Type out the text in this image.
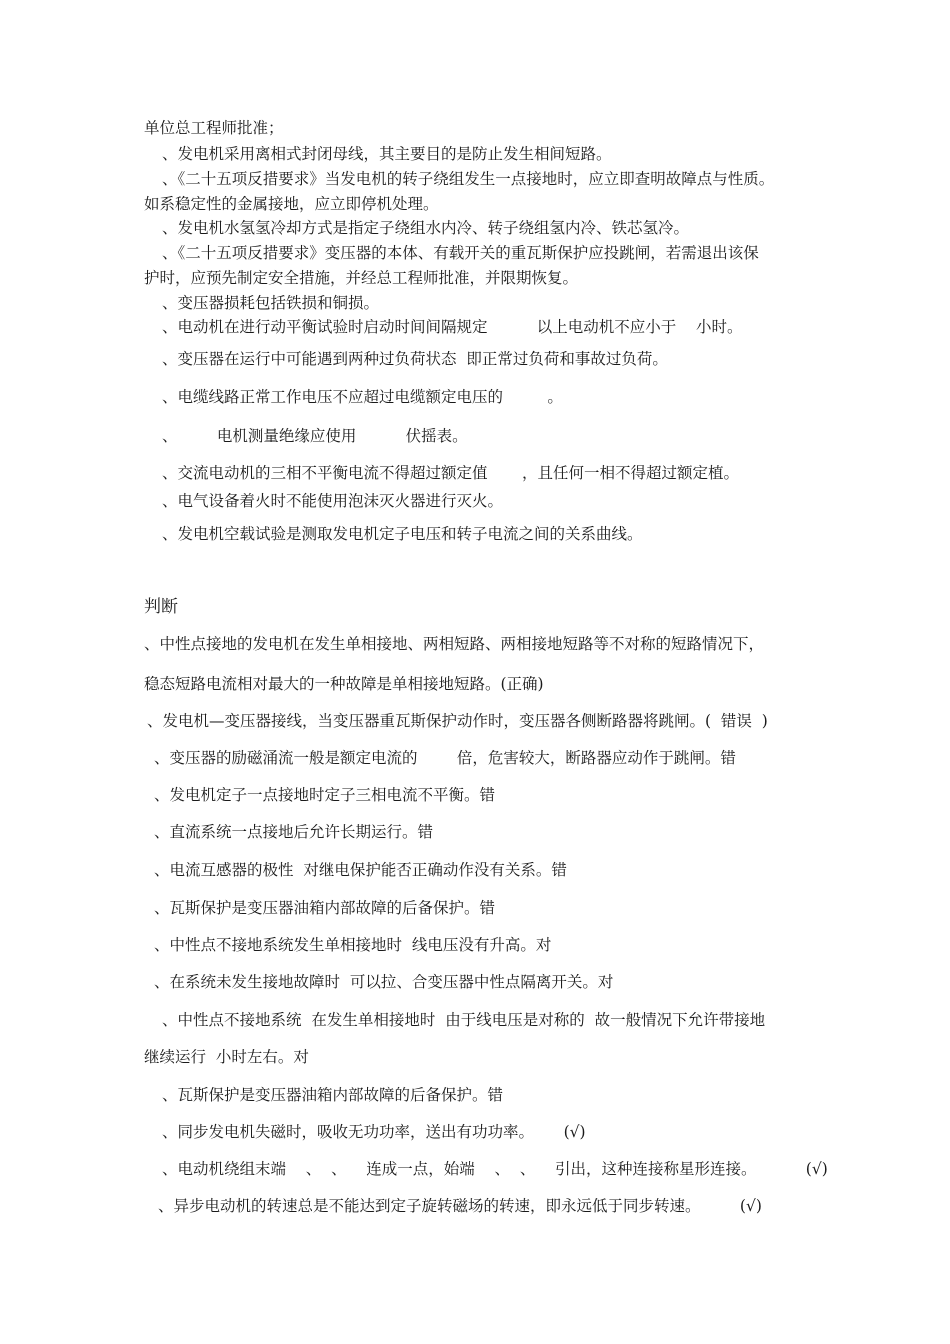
单位总工程师批准；
、发电机采用离相式封闭母线，其主要目的是防止发生相间短路。
、《二十五项反措要求》当发电机的转子绕组发生一点接地时，应立即查明故障点与性质。
如系稳定性的金属接地，应立即停机处理。
、发电机水氢氢冷却方式是指定子绕组水内冷、转子绕组氢内冷、铁芯氢冷。
、《二十五项反措要求》变压器的本体、有载开关的重瓦斯保护应投跳闸，若需退出该保
护时，应预先制定安全措施，并经总工程师批准，并限期恢复。
、变压器损耗包括铁损和铜损。
、电动机在进行动平衡试验时启动时间间隔规定          以上电动机不应小于    小时。
、变压器在运行中可能遇到两种过负荷状态  即正常过负荷和事故过负荷。
、电缆线路正常工作电压不应超过电缆额定电压的         。
、        电机测量绝缘应使用          伏摇表。
、交流电动机的三相不平衡电流不得超过额定值       ，且任何一相不得超过额定植。
、电气设备着火时不能使用泡沫灭火器进行灭火。
、发电机空载试验是测取发电机定子电压和转子电流之间的关系曲线。
判断
、中性点接地的发电机在发生单相接地、两相短路、两相接地短路等不对称的短路情况下，
稳态短路电流相对最大的一种故障是单相接地短路。(正确)
、发电机—变压器接线，当变压器重瓦斯保护动作时，变压器各侧断路器将跳闸。(  错误  )
、变压器的励磁涌流一般是额定电流的        倍，危害较大，断路器应动作于跳闸。错
、发电机定子一点接地时定子三相电流不平衡。错
、直流系统一点接地后允许长期运行。错
、电流互感器的极性  对继电保护能否正确动作没有关系。错
、瓦斯保护是变压器油箱内部故障的后备保护。错
、中性点不接地系统发生单相接地时  线电压没有升高。对
、在系统未发生接地故障时  可以拉、合变压器中性点隔离开关。对
、中性点不接地系统  在发生单相接地时  由于线电压是对称的  故一般情况下允许带接地
继续运行  小时左右。对
、瓦斯保护是变压器油箱内部故障的后备保护。错
、同步发电机失磁时，吸收无功功率，送出有功功率。      (√)
、电动机绕组末端    、  、    连成一点，始端    、  、    引出，这种连接称星形连接。          (√)
、异步电动机的转速总是不能达到定子旋转磁场的转速，即永远低于同步转速。        (√)
